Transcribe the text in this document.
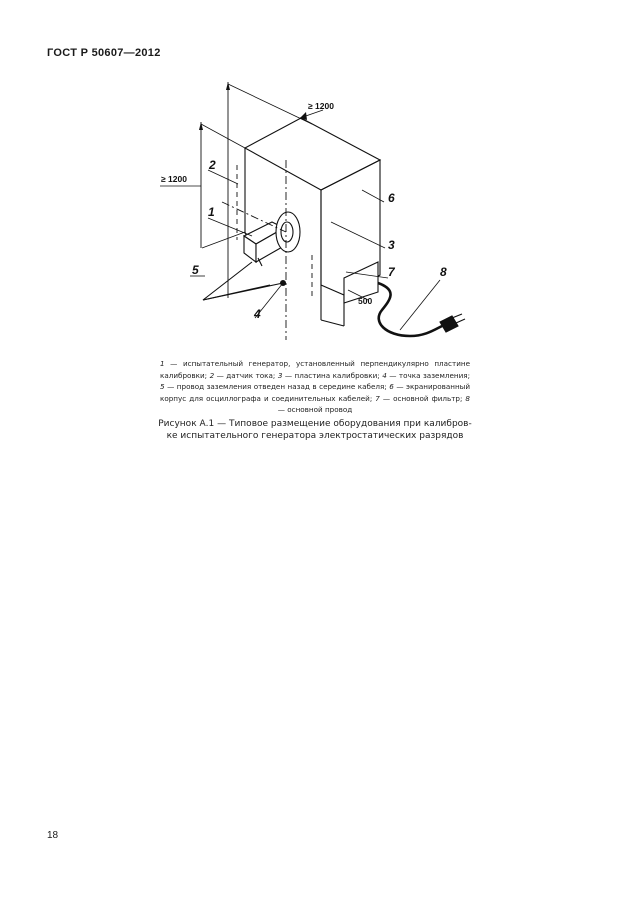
ГОСТ Р 50607—2012
≥ 1200
≥ 1200
500
2
1
6
3
7	8
5
4
1 — испытательный генератор, установленный перпендикулярно пластине калибровки; 2 — датчик тока; 3 — пластина калибровки; 4 — точка заземления; 5 — провод заземления отведен назад в середине кабеля; 6 — экранированный корпус для осциллографа и соединительных кабелей; 7 — основной фильтр; 8 — основной провод
Рисунок А.1 — Типовое размещение оборудования при калибров-
ке испытательного генератора электростатических разрядов
18
